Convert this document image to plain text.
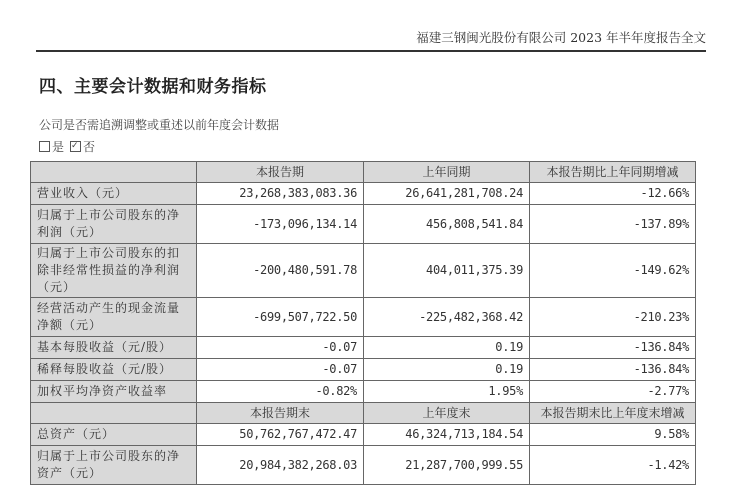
福建三钢闽光股份有限公司 2023 年半年度报告全文
四、主要会计数据和财务指标
公司是否需追溯调整或重述以前年度会计数据
是 ✓ 否
	本报告期	上年同期	本报告期比上年同期增减
营业收入（元）	23,268,383,083.36	26,641,281,708.24	-12.66%
归属于上市公司股东的净利润（元）	-173,096,134.14	456,808,541.84	-137.89%
归属于上市公司股东的扣除非经常性损益的净利润（元）	-200,480,591.78	404,011,375.39	-149.62%
经营活动产生的现金流量净额（元）	-699,507,722.50	-225,482,368.42	-210.23%
基本每股收益（元/股）	-0.07	0.19	-136.84%
稀释每股收益（元/股）	-0.07	0.19	-136.84%
加权平均净资产收益率	-0.82%	1.95%	-2.77%
	本报告期末	上年度末	本报告期末比上年度末增减
总资产（元）	50,762,767,472.47	46,324,713,184.54	9.58%
归属于上市公司股东的净资产（元）	20,984,382,268.03	21,287,700,999.55	-1.42%
